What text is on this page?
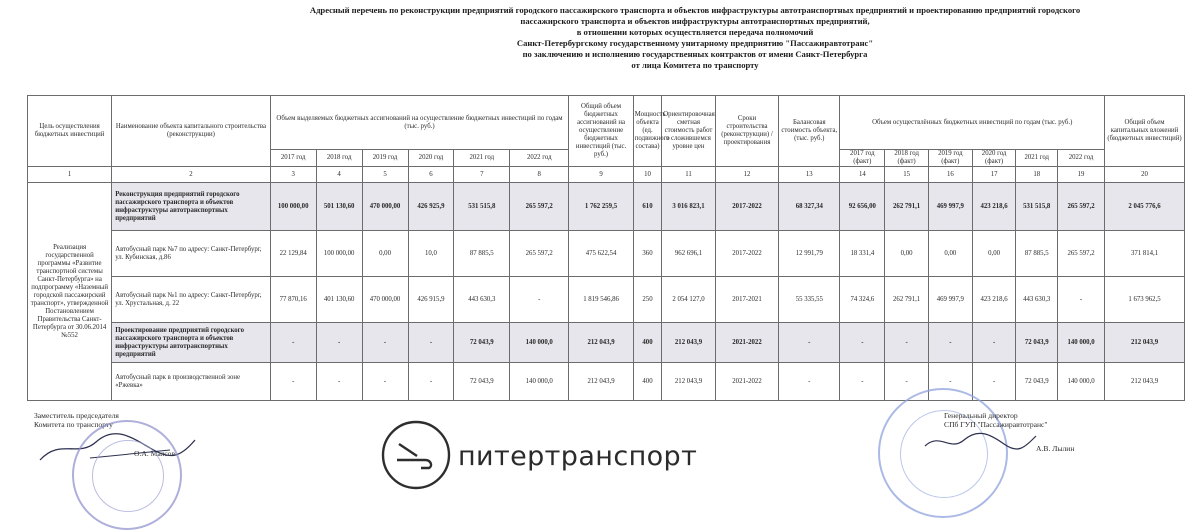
Адресный перечень по реконструкции предприятий городского пассажирского транспорта и объектов инфраструктуры автотранспортных предприятий и проектированию предприятий городского
пассажирского транспорта и объектов инфраструктуры автотранспортных предприятий,
в отношении которых осуществляется передача полномочий
Санкт-Петербургскому государственному унитарному предприятию "Пассажиравтотранс"
по заключению и исполнению государственных контрактов от имени Санкт-Петербурга
от лица Комитета по транспорту
Цель осуществления бюджетных инвестиций	Наименование объекта капитального строительства (реконструкции)	Объем выделяемых бюджетных ассигнований на осуществление бюджетных инвестиций по годам (тыс. руб.)						Общий объем бюджетных ассигнований на осуществление бюджетных инвестиций (тыс. руб.)	Мощность объекта (ед. подвижного состава)	Ориентировочная сметная стоимость работ в сложившемся уровне цен	Сроки строительства (реконструкции) / проектирования	Балансовая стоимость объекта, (тыс. руб.)	Объем осуществлённых бюджетных инвестиций по годам (тыс. руб.)						Общий объем капитальных вложений (бюджетных инвестиций)
		2017 год	2018 год	2019 год	2020 год	2021 год	2022 год						2017 год (факт)	2018 год (факт)	2019 год (факт)	2020 год (факт)	2021 год	2022 год	
1	2	3	4	5	6	7	8	9	10	11	12	13	14	15	16	17	18	19	20
Реализация государственной программы «Развитие транспортной системы Санкт-Петербурга» на подпрограмму «Наземный городской пассажирский транспорт», утвержденной Постановлением Правительства Санкт-Петербурга от 30.06.2014 №552	Реконструкция предприятий городского пассажирского транспорта и объектов инфраструктуры автотранспортных предприятий	100 000,00	501 130,60	470 000,00	426 925,9	531 515,8	265 597,2	1 762 259,5	610	3 016 823,1	2017-2022	68 327,34	92 656,00	262 791,1	469 997,9	423 218,6	531 515,8	265 597,2	2 045 776,6
	Автобусный парк №7 по адресу: Санкт-Петербург, ул. Кубинская, д.86	22 129,84	100 000,00	0,00	10,0	87 885,5	265 597,2	475 622,54	360	962 696,1	2017-2022	12 991,79	18 331,4	0,00	0,00	0,00	87 885,5	265 597,2	371 814,1
	Автобусный парк №1 по адресу: Санкт-Петербург, ул. Хрустальная, д. 22	77 870,16	401 130,60	470 000,00	426 915,9	443 630,3	-	1 819 546,86	250	2 054 127,0	2017-2021	55 335,55	74 324,6	262 791,1	469 997,9	423 218,6	443 630,3	-	1 673 962,5
	Проектирование предприятий городского пассажирского транспорта и объектов инфраструктуры автотранспортных предприятий	-	-	-	-	72 043,9	140 000,0	212 043,9	400	212 043,9	2021-2022	-	-	-	-	-	72 043,9	140 000,0	212 043,9
	Автобусный парк в производственной зоне «Ржевка»	-	-	-	-	72 043,9	140 000,0	212 043,9	400	212 043,9	2021-2022	-	-	-	-	-	72 043,9	140 000,0	212 043,9
Заместитель председателя
Комитета по транспорту
О.А. Маясов	питертранспорт
Генеральный директор
СПб ГУП "Пассажиравтотранс"
А.В. Лылин
